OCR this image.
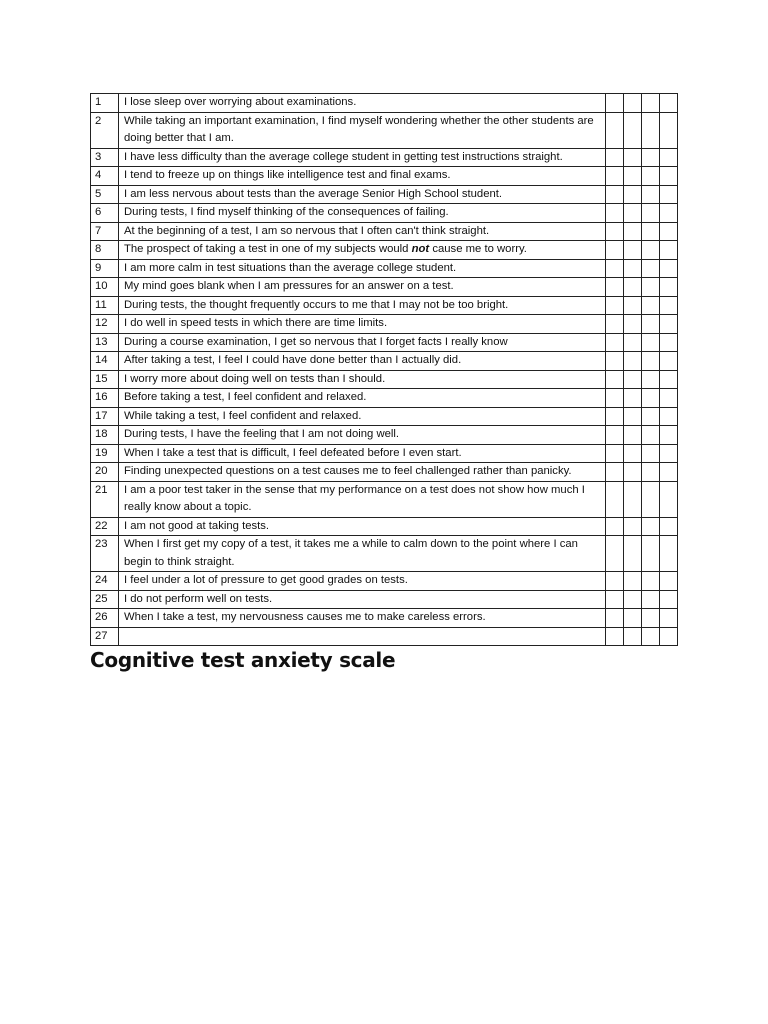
1	I lose sleep over worrying about examinations.				
2	While taking an important examination, I find myself wondering whether the other students are doing better that I am.				
3	I have less difficulty than the average college student in getting test instructions straight.				
4	I tend to freeze up on things like intelligence test and final exams.				
5	I am less nervous about tests than the average Senior High School student.				
6	During tests, I find myself thinking of the consequences of failing.				
7	At the beginning of a test, I am so nervous that I often can't think straight.				
8	The prospect of taking a test in one of my subjects would not cause me to worry.				
9	I am more calm in test situations than the average college student.				
10	My mind goes blank when I am pressures for an answer on a test.				
11	During tests, the thought frequently occurs to me that I may not be too bright.				
12	I do well in speed tests in which there are time limits.				
13	During a course examination, I get so nervous that I forget facts I really know				
14	After taking a test, I feel I could have done better than I actually did.				
15	I worry more about doing well on tests than I should.				
16	Before taking a test, I feel confident and relaxed.				
17	While taking a test, I feel confident and relaxed.				
18	During tests, I have the feeling that I am not doing well.				
19	When I take a test that is difficult, I feel defeated before I even start.				
20	Finding unexpected questions on a test causes me to feel challenged rather than panicky.				
21	I am a poor test taker in the sense that my performance on a test does not show how much I really know about a topic.				
22	I am not good at taking tests.				
23	When I first get my copy of a test, it takes me a while to calm down to the point where I can begin to think straight.				
24	I feel under a lot of pressure to get good grades on tests.				
25	I do not perform well on tests.				
26	When I take a test, my nervousness causes me to make careless errors.				
27					
Cognitive test anxiety scale
